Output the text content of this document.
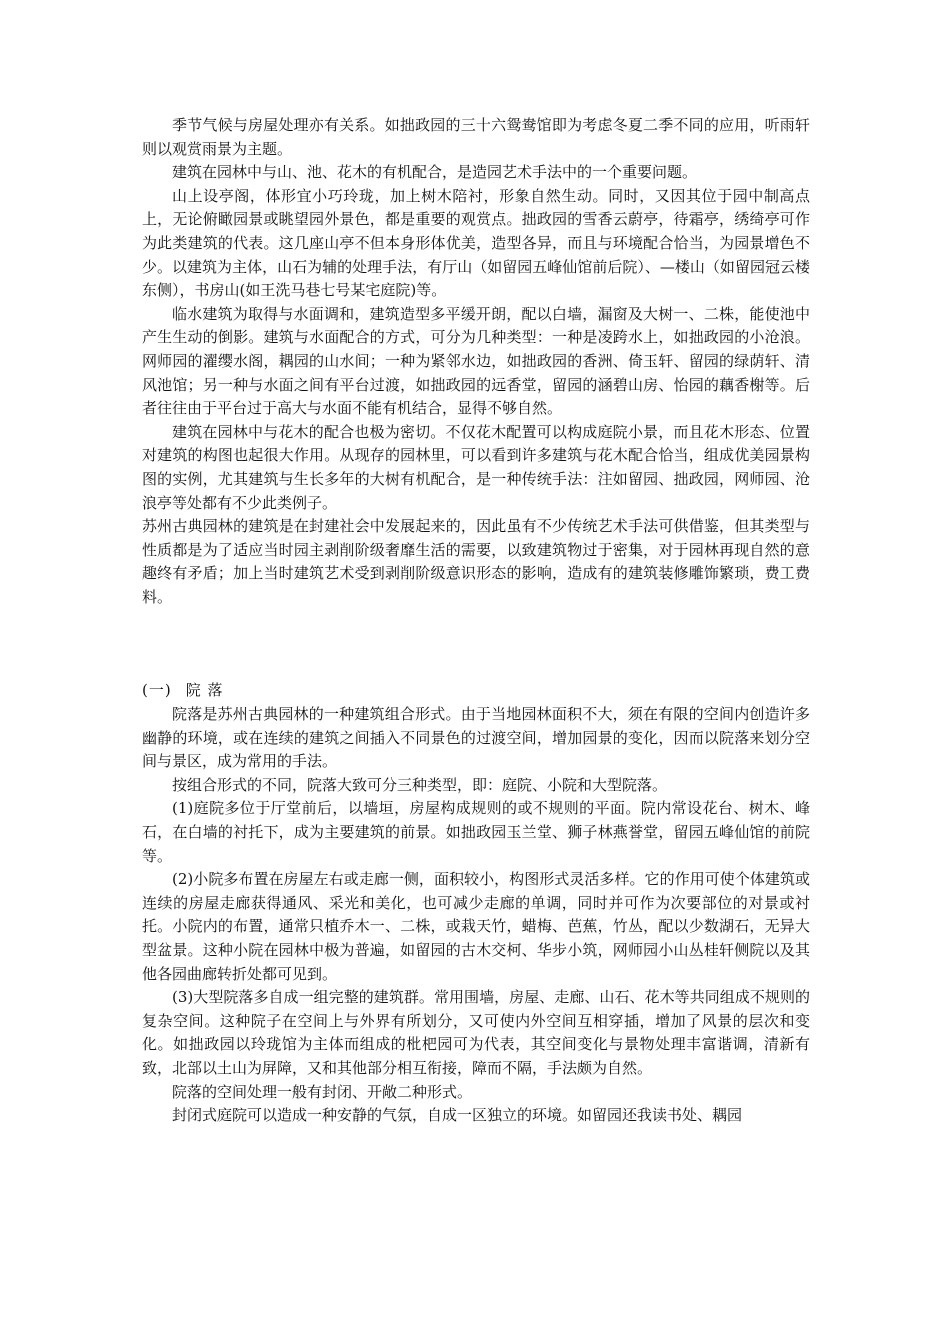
季节气候与房屋处理亦有关系。如拙政园的三十六鸳鸯馆即为考虑冬夏二季不同的应用，听雨轩则以观赏雨景为主题。

建筑在园林中与山、池、花木的有机配合，是造园艺术手法中的一个重要问题。

山上设亭阁，体形宜小巧玲珑，加上树木陪衬，形象自然生动。同时，又因其位于园中制高点上，无论俯瞰园景或眺望园外景色，都是重要的观赏点。拙政园的雪香云蔚亭，待霜亭，绣绮亭可作为此类建筑的代表。这几座山亭不但本身形体优美，造型各异，而且与环境配合恰当，为园景增色不少。以建筑为主体，山石为辅的处理手法，有厅山（如留园五峰仙馆前后院）、—楼山（如留园冠云楼东侧），书房山(如王洗马巷七号某宅庭院)等。

临水建筑为取得与水面调和，建筑造型多平缓开朗，配以白墙，漏窗及大树一、二株，能使池中产生生动的倒影。建筑与水面配合的方式，可分为几种类型：一种是凌跨水上，如拙政园的小沧浪。网师园的濯缨水阁，耦园的山水间；一种为紧邻水边，如拙政园的香洲、倚玉轩、留园的绿荫轩、清风池馆；另一种与水面之间有平台过渡，如拙政园的远香堂，留园的涵碧山房、怡园的藕香榭等。后者往往由于平台过于高大与水面不能有机结合，显得不够自然。

建筑在园林中与花木的配合也极为密切。不仅花木配置可以构成庭院小景，而且花木形态、位置对建筑的构图也起很大作用。从现存的园林里，可以看到许多建筑与花木配合恰当，组成优美园景构图的实例，尤其建筑与生长多年的大树有机配合，是一种传统手法：注如留园、拙政园，网师园、沧浪亭等处都有不少此类例子。

苏州古典园林的建筑是在封建社会中发展起来的，因此虽有不少传统艺术手法可供借鉴，但其类型与性质都是为了适应当时园主剥削阶级奢靡生活的需要，以致建筑物过于密集，对于园林再现自然的意趣终有矛盾；加上当时建筑艺术受到剥削阶级意识形态的影响，造成有的建筑装修雕饰繁琐，费工费料。

(一) 院 落

院落是苏州古典园林的一种建筑组合形式。由于当地园林面积不大，须在有限的空间内创造许多幽静的环境，或在连续的建筑之间插入不同景色的过渡空间，增加园景的变化，因而以院落来划分空间与景区，成为常用的手法。

按组合形式的不同，院落大致可分三种类型，即：庭院、小院和大型院落。

(1)庭院多位于厅堂前后，以墙垣，房屋构成规则的或不规则的平面。院内常设花台、树木、峰石，在白墙的衬托下，成为主要建筑的前景。如拙政园玉兰堂、狮子林燕誉堂，留园五峰仙馆的前院等。

(2)小院多布置在房屋左右或走廊一侧，面积较小，构图形式灵活多样。它的作用可使个体建筑或连续的房屋走廊获得通风、采光和美化，也可减少走廊的单调，同时并可作为次要部位的对景或衬托。小院内的布置，通常只植乔木一、二株，或栽天竹，蜡梅、芭蕉，竹丛，配以少数湖石，无异大型盆景。这种小院在园林中极为普遍，如留园的古木交柯、华步小筑，网师园小山丛桂轩侧院以及其他各园曲廊转折处都可见到。

(3)大型院落多自成一组完整的建筑群。常用围墙，房屋、走廊、山石、花木等共同组成不规则的复杂空间。这种院子在空间上与外界有所划分，又可使内外空间互相穿插，增加了风景的层次和变化。如拙政园以玲珑馆为主体而组成的枇杷园可为代表，其空间变化与景物处理丰富谐调，清新有致，北部以土山为屏障，又和其他部分相互衔接，障而不隔，手法颇为自然。

院落的空间处理一般有封闭、开敞二种形式。

封闭式庭院可以造成一种安静的气氛，自成一区独立的环境。如留园还我读书处、耦园
